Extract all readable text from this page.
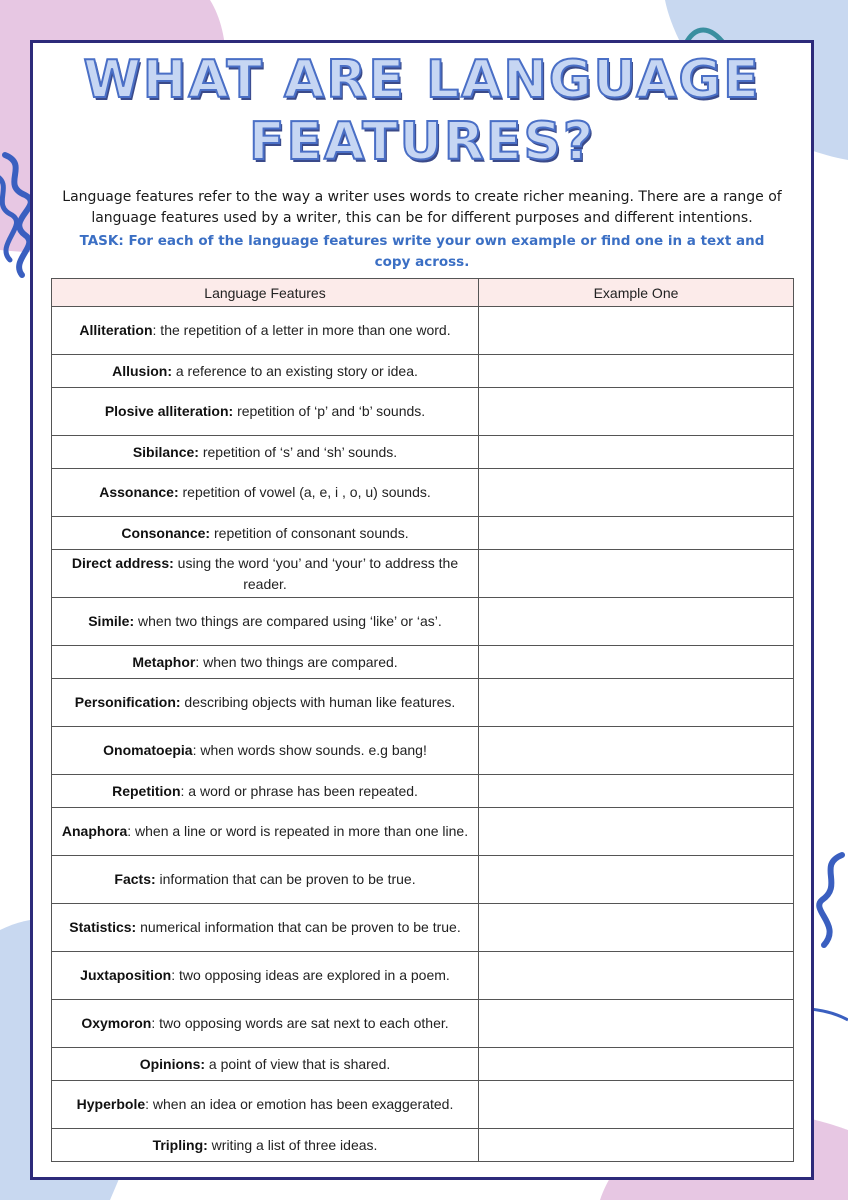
WHAT ARE LANGUAGE
FEATURES?
Language features refer to the way a writer uses words to create richer meaning. There are a range of language features used by a writer, this can be for different purposes and different intentions.
TASK: For each of the language features write your own example or find one in a text and copy across.
Language Features	Example One
Alliteration: the repetition of a letter in more than one word.	
Allusion: a reference to an existing story or idea.	
Plosive alliteration: repetition of ‘p’ and ‘b’ sounds.	
Sibilance: repetition of ‘s’ and ‘sh’ sounds.	
Assonance: repetition of vowel (a, e, i , o, u) sounds.	
Consonance: repetition of consonant sounds.	
Direct address: using the word ‘you’ and ‘your’ to address the reader.	
Simile: when two things are compared using ‘like’ or ‘as’.	
Metaphor: when two things are compared.	
Personification: describing objects with human like features.	
Onomatoepia: when words show sounds. e.g bang!	
Repetition: a word or phrase has been repeated.	
Anaphora: when a line or word is repeated in more than one line.	
Facts: information that can be proven to be true.	
Statistics: numerical information that can be proven to be true.	
Juxtaposition: two opposing ideas are explored in a poem.	
Oxymoron: two opposing words are sat next to each other.	
Opinions: a point of view that is shared.	
Hyperbole: when an idea or emotion has been exaggerated.	
Tripling: writing a list of three ideas.	
